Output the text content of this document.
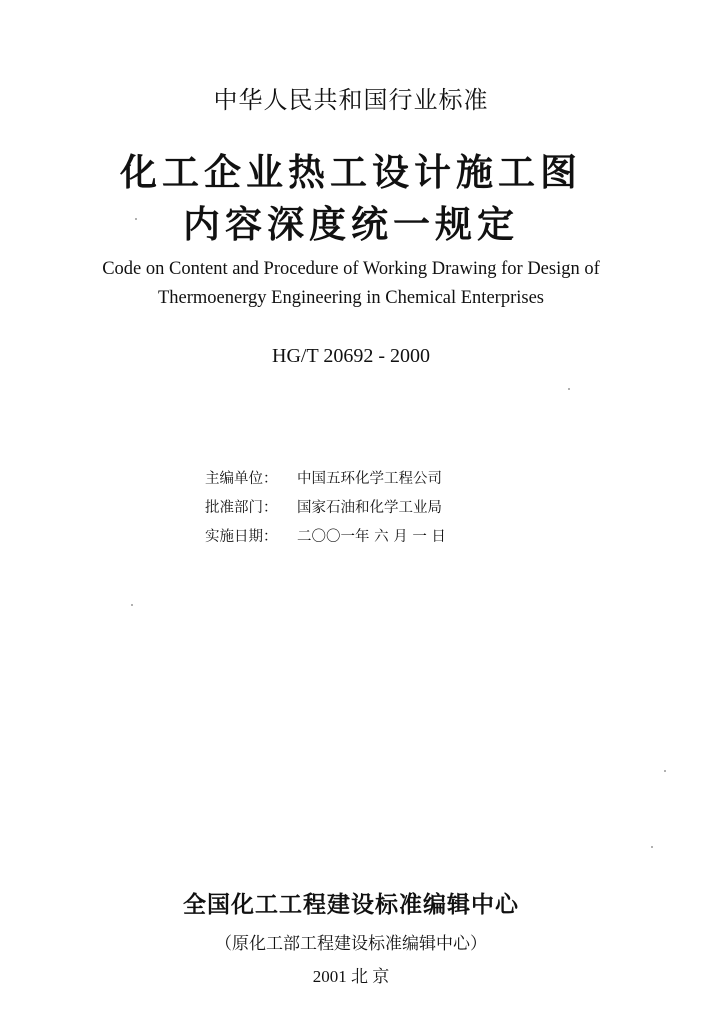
中华人民共和国行业标准
化工企业热工设计施工图
内容深度统一规定
Code on Content and Procedure of Working Drawing for Design of
Thermoenergy Engineering in Chemical Enterprises
HG/T 20692 - 2000
主编单位： 中国五环化学工程公司
批准部门： 国家石油和化学工业局
实施日期： 二〇〇一年 六 月 一 日
全国化工工程建设标准编辑中心
（原化工部工程建设标准编辑中心）
2001 北 京
